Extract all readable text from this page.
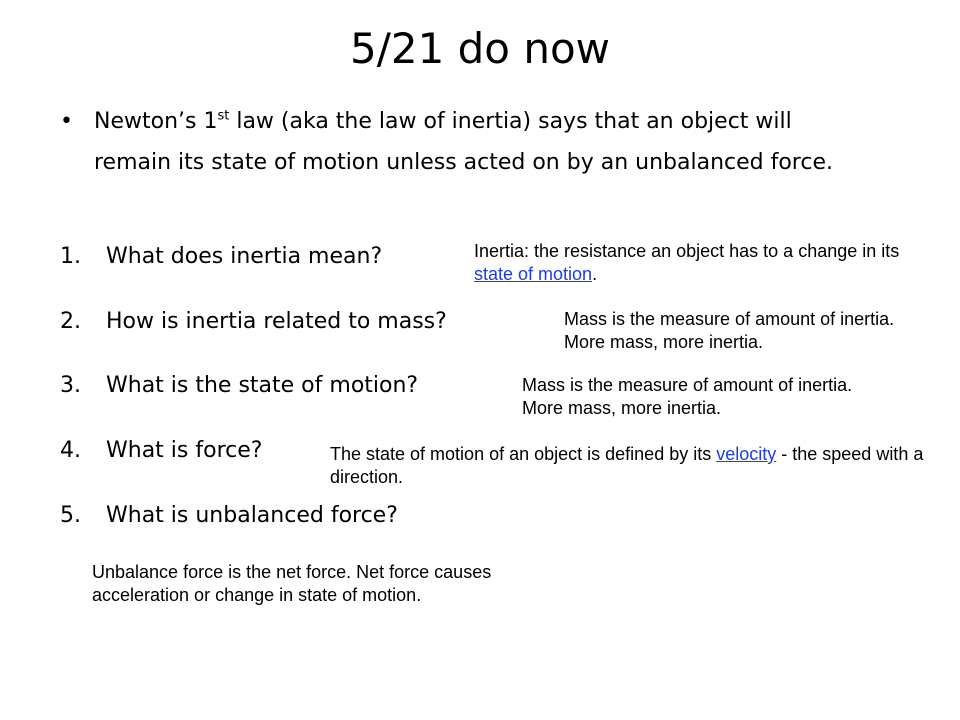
5/21 do now
• Newton’s 1st law (aka the law of inertia) says that an object will remain its state of motion unless acted on by an unbalanced force.
1. What does inertia mean?
2. How is inertia related to mass?
3. What is the state of motion?
4. What is force?
5. What is unbalanced force?
Inertia: the resistance an object has to a change in its state of motion.
Mass is the measure of amount of inertia. More mass, more inertia.
Mass is the measure of amount of inertia. More mass, more inertia.
The state of motion of an object is defined by its velocity - the speed with a direction.
Unbalance force is the net force. Net force causes acceleration or change in state of motion.
